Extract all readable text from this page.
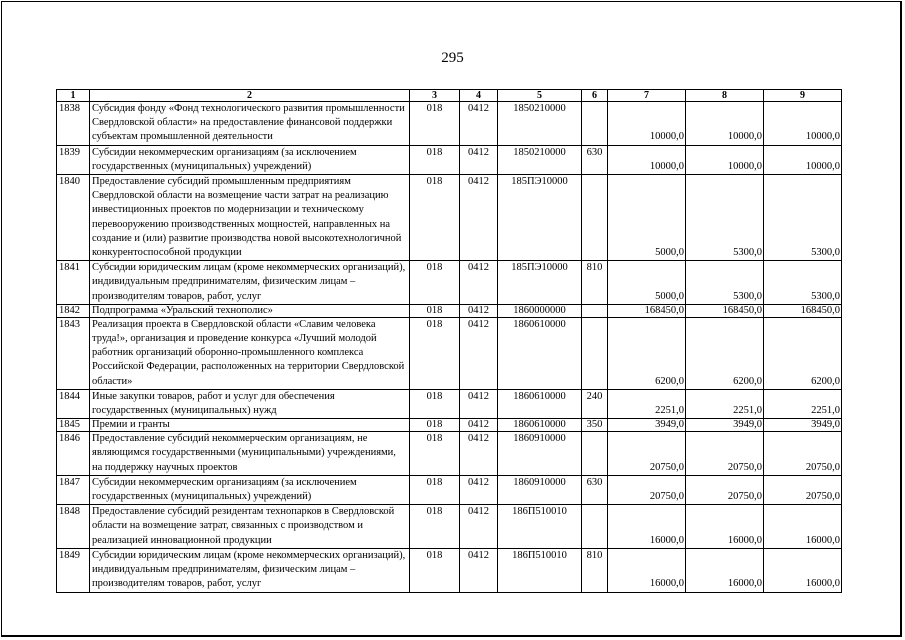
295
1	2	3	4	5	6	7	8	9
1838	Субсидия фонду «Фонд технологического развития промышленности Свердловской области» на предоставление финансовой поддержки субъектам промышленной деятельности	018	0412	1850210000		10000,0	10000,0	10000,0
1839	Субсидии некоммерческим организациям (за исключением государственных (муниципальных) учреждений)	018	0412	1850210000	630	10000,0	10000,0	10000,0
1840	Предоставление субсидий промышленным предприятиям Свердловской области на возмещение части затрат на реализацию инвестиционных проектов по модернизации и техническому перевооружению производственных мощностей, направленных на создание и (или) развитие производства новой высокотехнологичной конкурентоспособной продукции	018	0412	185ПЭ10000		5000,0	5300,0	5300,0
1841	Субсидии юридическим лицам (кроме некоммерческих организаций), индивидуальным предпринимателям, физическим лицам – производителям товаров, работ, услуг	018	0412	185ПЭ10000	810	5000,0	5300,0	5300,0
1842	Подпрограмма «Уральский технополис»	018	0412	1860000000		168450,0	168450,0	168450,0
1843	Реализация проекта в Свердловской области «Славим человека труда!», организация и проведение конкурса «Лучший молодой работник организаций оборонно-промышленного комплекса Российской Федерации, расположенных на территории Свердловской области»	018	0412	1860610000		6200,0	6200,0	6200,0
1844	Иные закупки товаров, работ и услуг для обеспечения государственных (муниципальных) нужд	018	0412	1860610000	240	2251,0	2251,0	2251,0
1845	Премии и гранты	018	0412	1860610000	350	3949,0	3949,0	3949,0
1846	Предоставление субсидий некоммерческим организациям, не являющимся государственными (муниципальными) учреждениями, на поддержку научных проектов	018	0412	1860910000		20750,0	20750,0	20750,0
1847	Субсидии некоммерческим организациям (за исключением государственных (муниципальных) учреждений)	018	0412	1860910000	630	20750,0	20750,0	20750,0
1848	Предоставление субсидий резидентам технопарков в Свердловской области на возмещение затрат, связанных с производством и реализацией инновационной продукции	018	0412	186П510010		16000,0	16000,0	16000,0
1849	Субсидии юридическим лицам (кроме некоммерческих организаций), индивидуальным предпринимателям, физическим лицам – производителям товаров, работ, услуг	018	0412	186П510010	810	16000,0	16000,0	16000,0
